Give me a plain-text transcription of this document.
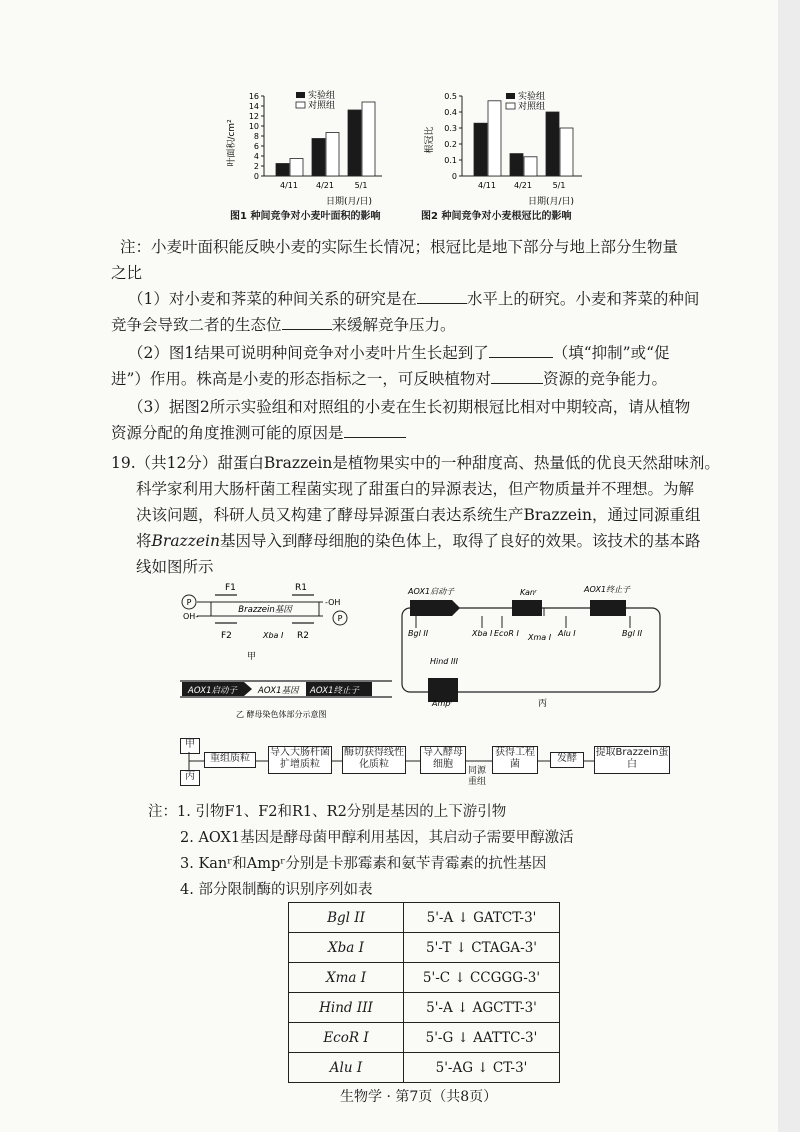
叶面积/cm²
0
2
4
6
8
10
12
14
16
4/11 4/21	5/1
实验组
对照组
日期(月/日)
图1 种间竞争对小麦叶面积的影响
根冠比
0
0.1
0.2
0.3
0.4
0.5
4/11 4/21	5/1
实验组
对照组
日期(月/日)
图2 种间竞争对小麦根冠比的影响
注：小麦叶面积能反映小麦的实际生长情况；根冠比是地下部分与地上部分生物量
之比
（1）对小麦和荠菜的种间关系的研究是在	水平上的研究。小麦和荠菜的种间
竞争会导致二者的生态位	来缓解竞争压力。
（2）图1结果可说明种间竞争对小麦叶片生长起到了	（填“抑制”或“促
进”）作用。株高是小麦的形态指标之一，可反映植物对	资源的竞争能力。
（3）据图2所示实验组和对照组的小麦在生长初期根冠比相对中期较高，请从植物
资源分配的角度推测可能的原因是
19.（共12分）甜蛋白Brazzein是植物果实中的一种甜度高、热量低的优良天然甜味剂。
科学家利用大肠杆菌工程菌实现了甜蛋白的异源表达，但产物质量并不理想。为解
决该问题，科研人员又构建了酵母异源蛋白表达系统生产Brazzein，通过同源重组
将Brazzein基因导入到酵母细胞的染色体上，取得了良好的效果。该技术的基本路
线如图所示
F1	R1
P	-OH
Brazzein基因
OH-	P
F2	Xba I R2
甲
AOX1启动子 AOX1基因 AOX1终止子
乙 酵母染色体部分示意图
AOX1启动子	Kanʳ	AOX1终止子
Bgl II	Xba I EcoR I Xma I Alu I	Bgl II
Hind III
Ampʳ	丙
甲
丙
重组质粒
导入大肠杆菌扩增质粒
酶切获得线性化质粒
导入酵母细胞
获得工程菌
发酵
提取Brazzein蛋白
同源重组
注：1. 引物F1、F2和R1、R2分别是基因的上下游引物
2. AOX1基因是酵母菌甲醇利用基因，其启动子需要甲醇激活
3. Kanʳ和Ampʳ分别是卡那霉素和氨苄青霉素的抗性基因
4. 部分限制酶的识别序列如表
Bgl II	5'-A ↓ GATCT-3'
Xba I	5'-T ↓ CTAGA-3'
Xma I	5'-C ↓ CCGGG-3'
Hind III	5'-A ↓ AGCTT-3'
EcoR I	5'-G ↓ AATTC-3'
Alu I	5'-AG ↓ CT-3'
生物学 · 第7页（共8页）
